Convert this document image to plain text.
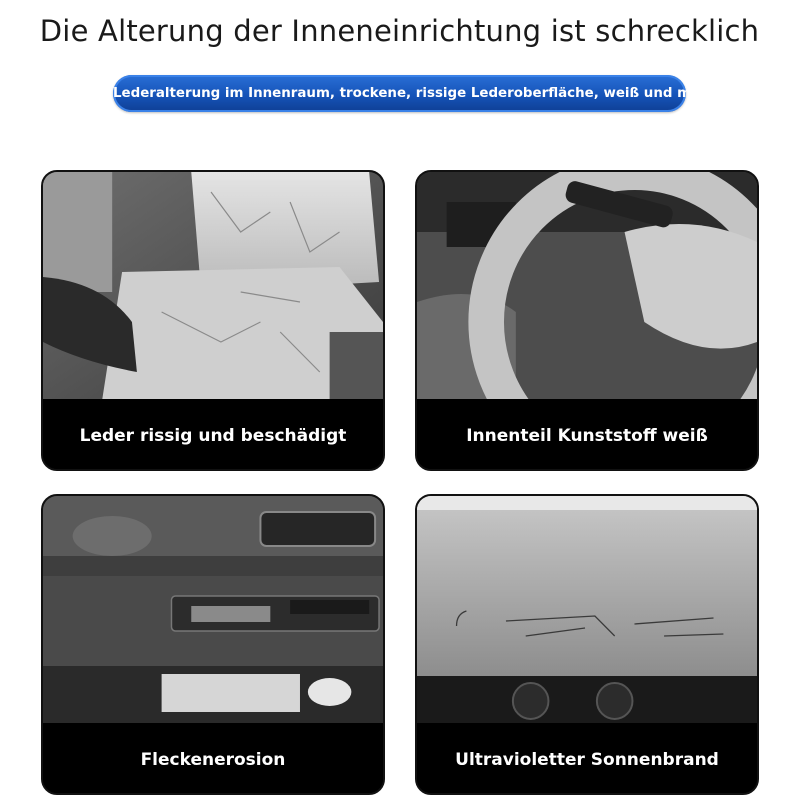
Die Alterung der Inneneinrichtung ist schrecklich
Lederalterung im Innenraum, trockene, rissige Lederoberfläche, weiß und matt
Leder rissig und beschädigt	Innenteil Kunststoff weiß
Fleckenerosion	Ultravioletter Sonnenbrand
